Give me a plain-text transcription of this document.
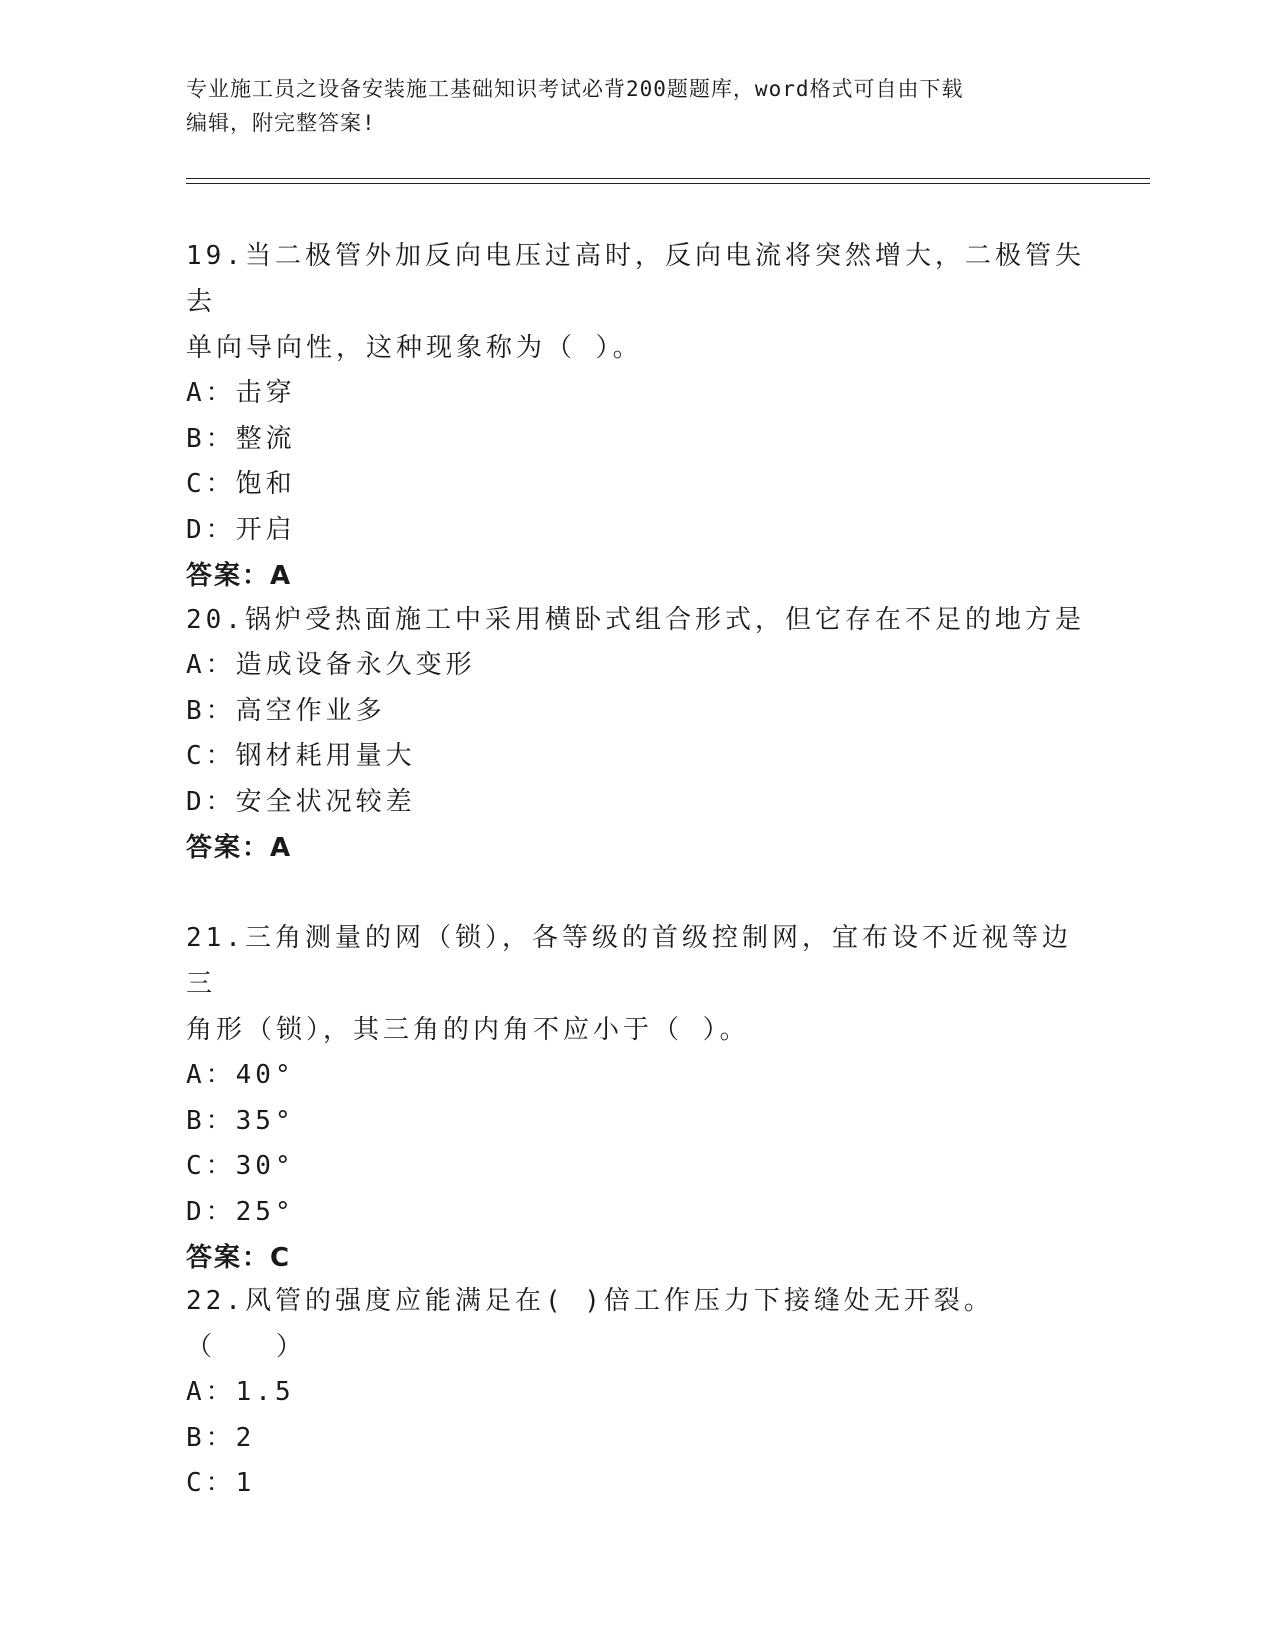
专业施工员之设备安装施工基础知识考试必背200题题库，word格式可自由下载
编辑，附完整答案!

19.当二极管外加反向电压过高时，反向电流将突然增大，二极管失去

单向导向性，这种现象称为（ ）。

A：击穿

B：整流

C：饱和

D：开启

答案：A

20.锅炉受热面施工中采用横卧式组合形式，但它存在不足的地方是

A：造成设备永久变形

B：高空作业多

C：钢材耗用量大

D：安全状况较差

答案：A

21.三角测量的网（锁），各等级的首级控制网，宜布设不近视等边三

角形（锁），其三角的内角不应小于（ ）。

A：40°

B：35°

C：30°

D：25°

答案：C

22.风管的强度应能满足在( )倍工作压力下接缝处无开裂。（　　）

A：1.5

B：2

C：1
